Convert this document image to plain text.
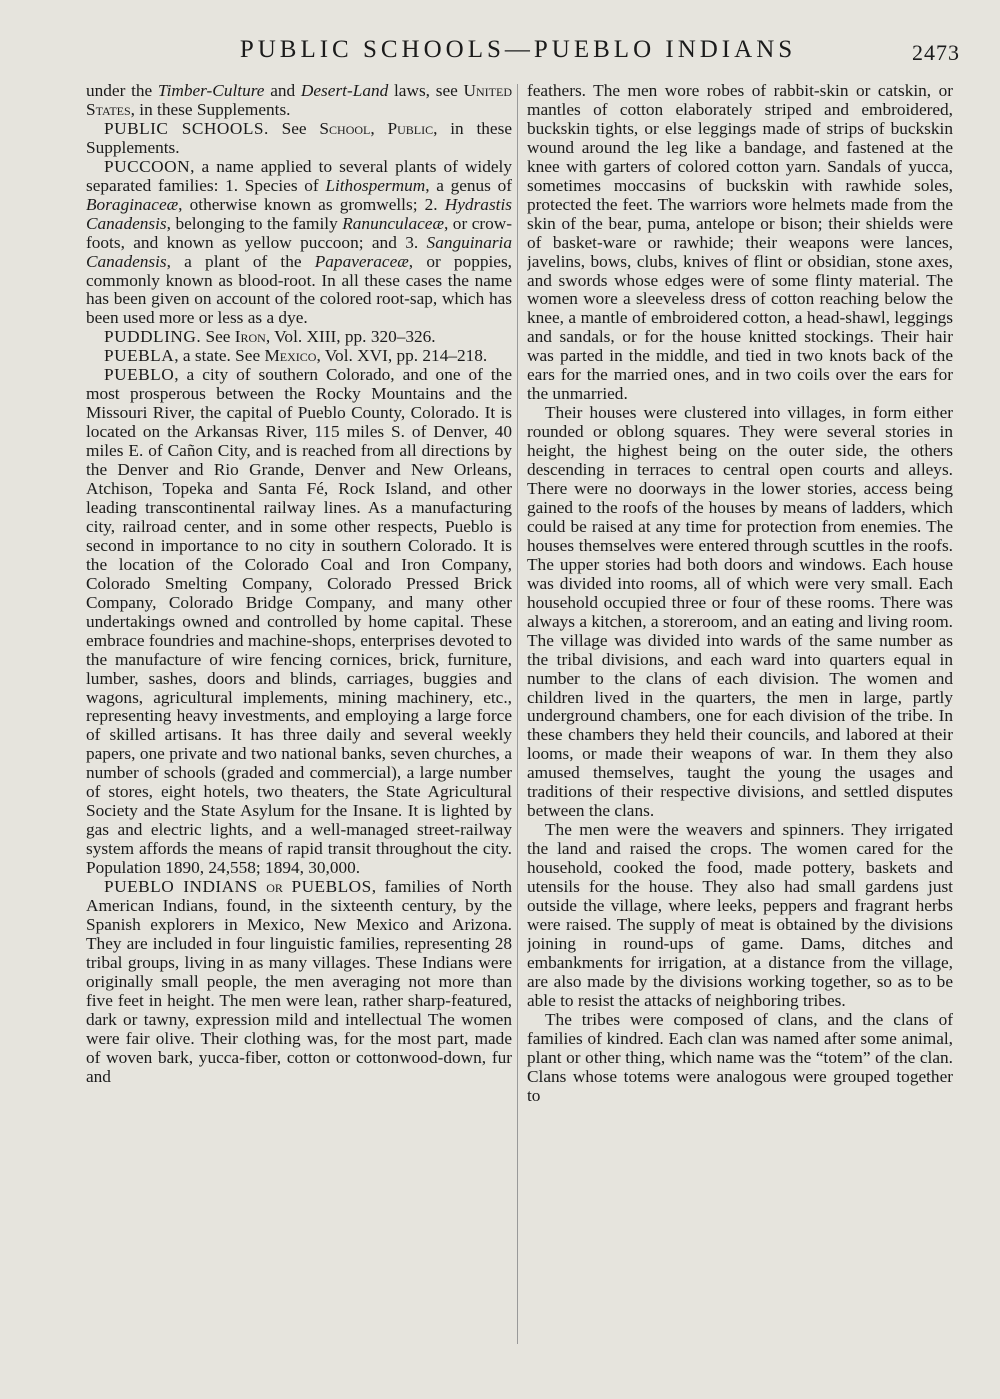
PUBLIC SCHOOLS—PUEBLO INDIANS	2473

under the Timber-Culture and Desert-Land laws, see United States, in these Supplements.

PUBLIC SCHOOLS. See School, Public, in these Supplements.

PUCCOON, a name applied to several plants of widely separated families: 1. Species of Lithospermum, a genus of Boraginaceæ, otherwise known as gromwells; 2. Hydrastis Canadensis, belonging to the family Ranunculaceæ, or crow-foots, and known as yellow puccoon; and 3. Sanguinaria Canadensis, a plant of the Papaveraceæ, or poppies, commonly known as blood-root. In all these cases the name has been given on account of the colored root-sap, which has been used more or less as a dye.

PUDDLING. See Iron, Vol. XIII, pp. 320–326.

PUEBLA, a state. See Mexico, Vol. XVI, pp. 214–218.

PUEBLO, a city of southern Colorado, and one of the most prosperous between the Rocky Mountains and the Missouri River, the capital of Pueblo County, Colorado. It is located on the Arkansas River, 115 miles S. of Denver, 40 miles E. of Cañon City, and is reached from all directions by the Denver and Rio Grande, Denver and New Orleans, Atchison, Topeka and Santa Fé, Rock Island, and other leading transcontinental railway lines. As a manufacturing city, railroad center, and in some other respects, Pueblo is second in importance to no city in southern Colorado. It is the location of the Colorado Coal and Iron Company, Colorado Smelting Company, Colorado Pressed Brick Company, Colorado Bridge Company, and many other undertakings owned and controlled by home capital. These embrace foundries and machine-shops, enterprises devoted to the manufacture of wire fencing cornices, brick, furniture, lumber, sashes, doors and blinds, carriages, buggies and wagons, agricultural implements, mining machinery, etc., representing heavy investments, and employing a large force of skilled artisans. It has three daily and several weekly papers, one private and two national banks, seven churches, a number of schools (graded and commercial), a large number of stores, eight hotels, two theaters, the State Agricultural Society and the State Asylum for the Insane. It is lighted by gas and electric lights, and a well-managed street-railway system affords the means of rapid transit throughout the city. Population 1890, 24,558; 1894, 30,000.

PUEBLO INDIANS or PUEBLOS, families of North American Indians, found, in the sixteenth century, by the Spanish explorers in Mexico, New Mexico and Arizona. They are included in four linguistic families, representing 28 tribal groups, living in as many villages. These Indians were originally small people, the men averaging not more than five feet in height. The men were lean, rather sharp-featured, dark or tawny, expression mild and intellectual The women were fair olive. Their clothing was, for the most part, made of woven bark, yucca-fiber, cotton or cottonwood-down, fur and

feathers. The men wore robes of rabbit-skin or catskin, or mantles of cotton elaborately striped and embroidered, buckskin tights, or else leggings made of strips of buckskin wound around the leg like a bandage, and fastened at the knee with garters of colored cotton yarn. Sandals of yucca, sometimes moccasins of buckskin with rawhide soles, protected the feet. The warriors wore helmets made from the skin of the bear, puma, antelope or bison; their shields were of basket-ware or rawhide; their weapons were lances, javelins, bows, clubs, knives of flint or obsidian, stone axes, and swords whose edges were of some flinty material. The women wore a sleeveless dress of cotton reaching below the knee, a mantle of embroidered cotton, a head-shawl, leggings and sandals, or for the house knitted stockings. Their hair was parted in the middle, and tied in two knots back of the ears for the married ones, and in two coils over the ears for the unmarried.

Their houses were clustered into villages, in form either rounded or oblong squares. They were several stories in height, the highest being on the outer side, the others descending in terraces to central open courts and alleys. There were no doorways in the lower stories, access being gained to the roofs of the houses by means of ladders, which could be raised at any time for protection from enemies. The houses themselves were entered through scuttles in the roofs. The upper stories had both doors and windows. Each house was divided into rooms, all of which were very small. Each household occupied three or four of these rooms. There was always a kitchen, a storeroom, and an eating and living room. The village was divided into wards of the same number as the tribal divisions, and each ward into quarters equal in number to the clans of each division. The women and children lived in the quarters, the men in large, partly underground chambers, one for each division of the tribe. In these chambers they held their councils, and labored at their looms, or made their weapons of war. In them they also amused themselves, taught the young the usages and traditions of their respective divisions, and settled disputes between the clans.

The men were the weavers and spinners. They irrigated the land and raised the crops. The women cared for the household, cooked the food, made pottery, baskets and utensils for the house. They also had small gardens just outside the village, where leeks, peppers and fragrant herbs were raised. The supply of meat is obtained by the divisions joining in round-ups of game. Dams, ditches and embankments for irrigation, at a distance from the village, are also made by the divisions working together, so as to be able to resist the attacks of neighboring tribes.

The tribes were composed of clans, and the clans of families of kindred. Each clan was named after some animal, plant or other thing, which name was the “totem” of the clan. Clans whose totems were analogous were grouped together to
